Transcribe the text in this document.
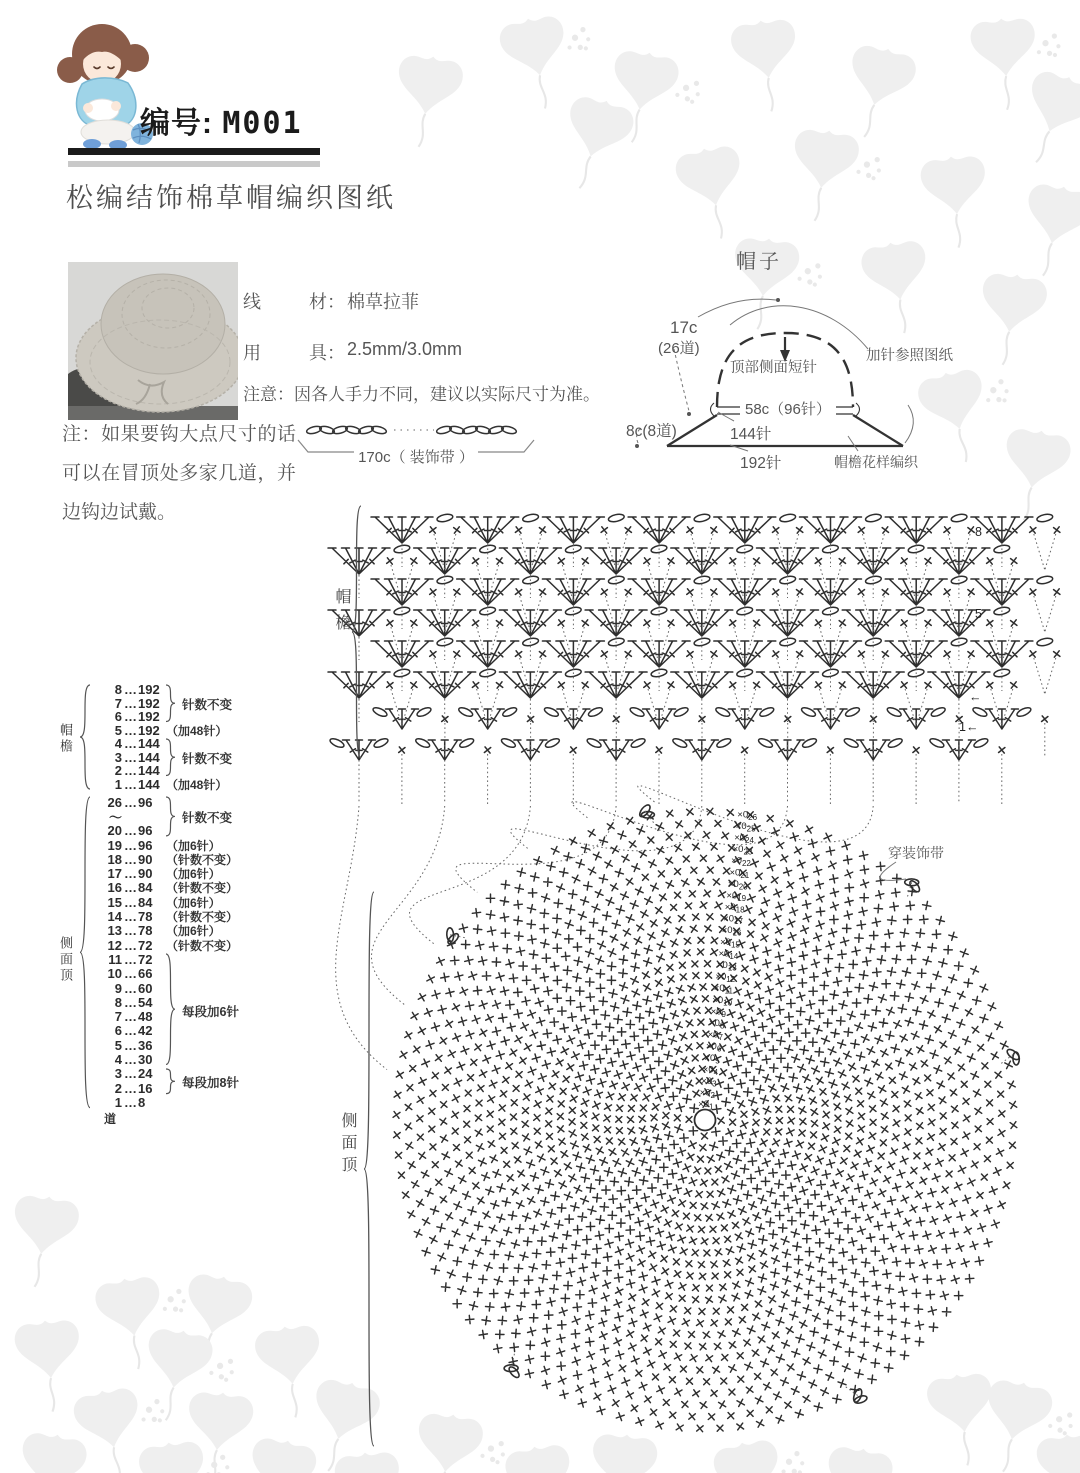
编号: M001
松编结饰棉草帽编织图纸
线	材： 棉草拉菲
用	具： 2.5mm/3.0mm
注意：因各人手力不同，建议以实际尺寸为准。
注：如果要钩大点尺寸的话可以在冒顶处多家几道，并边钩边试戴。
170c（ 装饰带 ）
帽子
17c
(26道)
顶部侧面短针
加针参照图纸
58c（96针）
144针
8c(8道)
192针	帽檐花样编织
帽檐
8 … 192
7 … 192
6 … 192
5 … 192 （加48针）
4 … 144
3 … 144
2 … 144
1 … 144 （加48针）
针数不变
针数不变
侧面顶
26 … 96
〜
20 … 96
19 … 96	（加6针）
18 … 90	（针数不变）
17 … 90	（加6针）
16 … 84	（针数不变）
15 … 84	（加6针）
14 … 78	（针数不变）
13 … 78	（加6针）
12 … 72	（针数不变）
11 … 72
10 … 66
9 … 60
8 … 54
7 … 48
6 … 42
5 … 36
4 … 30
3 … 24
2 … 16
1 … 8
针数不变
每段加6针
每段加8针
道
8
5
←
1←
$\times 0_1$
$\times 0_2$
$\times 0_3$
$\times 0_4$
$\times 0_5$
$\times 0_6$
$\times 0_7$
$\times 0_8$
$\times 0_9$
$\times 0_{10}$
$\times 0_{11}$
$\times 0_{12}$
$\times 0_{13}$
$\times 0_{14}$
$\times 0_{15}$
$\times 0_{16}$
$\times 0_{17}$
$\times 0_{18}$
$\times 0_{19}$
$\times 0_{20}$
$\times 0_{21}$
$\times 0_{22}$
$\times 0_{23}$
$\times 0_{24}$
$\times 0_{25}$
$\times 0_{26}$
帽檐
侧面顶
穿装饰带
